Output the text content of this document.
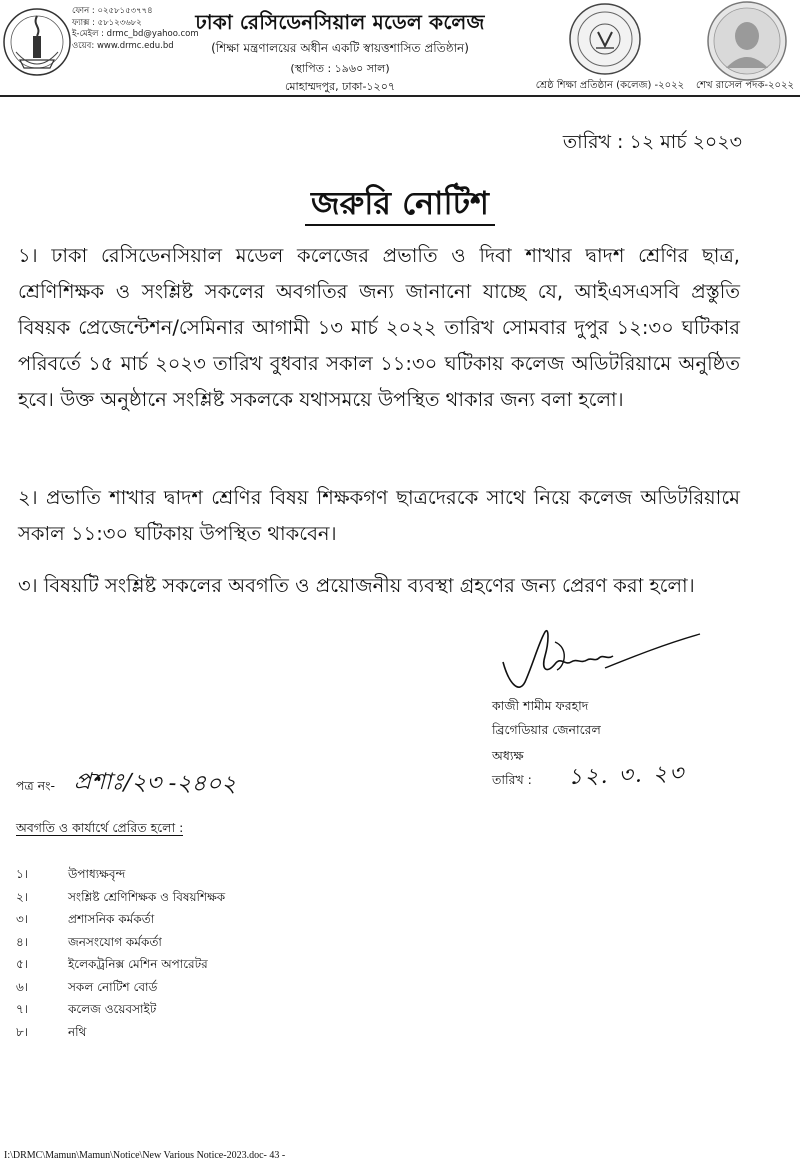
ফোন : ০২৫৮১৫৩৭৭৪
ফ্যাক্স : ৫৮১২৩৬৮২
ই-মেইল : drmc_bd@yahoo.com
ওয়েব: www.drmc.edu.bd
ঢাকা রেসিডেনসিয়াল মডেল কলেজ
(শিক্ষা মন্ত্রণালয়ের অধীন একটি স্বায়ত্তশাসিত প্রতিষ্ঠান)
(স্থাপিত : ১৯৬০ সাল)
মোহাম্মদপুর, ঢাকা-১২০৭	শ্রেষ্ঠ শিক্ষা প্রতিষ্ঠান (কলেজ) -২০২২	শেখ রাসেল পদক-২০২২
তারিখ : ১২ মার্চ ২০২৩
জরুরি নোটিশ
১। ঢাকা রেসিডেনসিয়াল মডেল কলেজের প্রভাতি ও দিবা শাখার দ্বাদশ শ্রেণির ছাত্র, শ্রেণিশিক্ষক ও সংশ্লিষ্ট সকলের অবগতির জন্য জানানো যাচ্ছে যে, আইএসএসবি প্রস্তুতি বিষয়ক প্রেজেন্টেশন/সেমিনার আগামী ১৩ মার্চ ২০২২ তারিখ সোমবার দুপুর ১২:৩০ ঘটিকার পরিবর্তে ১৫ মার্চ ২০২৩ তারিখ বুধবার সকাল ১১:৩০ ঘটিকায় কলেজ অডিটরিয়ামে অনুষ্ঠিত হবে। উক্ত অনুষ্ঠানে সংশ্লিষ্ট সকলকে যথাসময়ে উপস্থিত থাকার জন্য বলা হলো।
২। প্রভাতি শাখার দ্বাদশ শ্রেণির বিষয় শিক্ষকগণ ছাত্রদেরকে সাথে নিয়ে কলেজ অডিটরিয়ামে সকাল ১১:৩০ ঘটিকায় উপস্থিত থাকবেন।
৩। বিষয়টি সংশ্লিষ্ট সকলের অবগতি ও প্রয়োজনীয় ব্যবস্থা গ্রহণের জন্য প্রেরণ করা হলো।
কাজী শামীম ফরহাদ
ব্রিগেডিয়ার জেনারেল
অধ্যক্ষ
তারিখ : ১২. ৩. ২৩
পত্র নং- প্রশাঃ/২৩ -২৪০২
অবগতি ও কার্যার্থে প্রেরিত হলো :
১।	উপাধ্যক্ষবৃন্দ
২।	সংশ্লিষ্ট শ্রেণিশিক্ষক ও বিষয়শিক্ষক
৩।	প্রশাসনিক কর্মকর্তা
৪।	জনসংযোগ কর্মকর্তা
৫।	ইলেকট্রনিক্স মেশিন অপারেটর
৬।	সকল নোটিশ বোর্ড
৭।	কলেজ ওয়েবসাইট
৮।	নথি
I:\DRMC\Mamun\Mamun\Notice\New Various Notice-2023.doc- 43 -
